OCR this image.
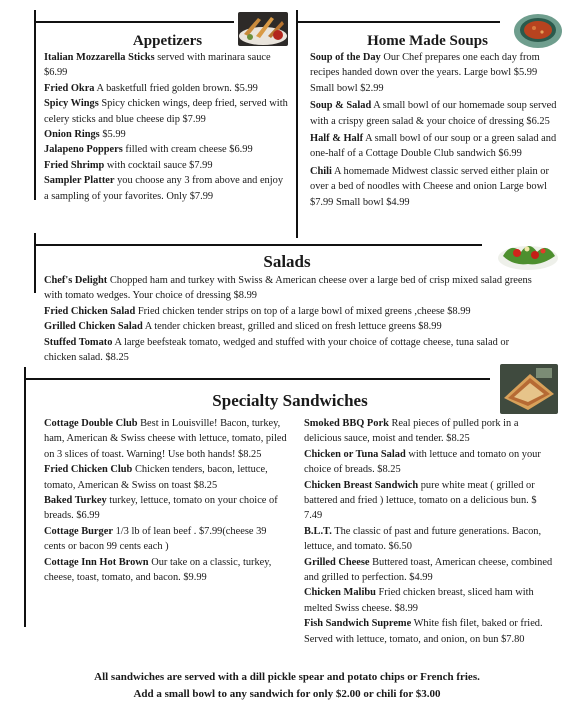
Appetizers

Italian Mozzarella Sticks served with marinara sauce $6.99

Fried Okra A basketfull fried golden brown. $5.99

Spicy Wings Spicy chicken wings, deep fried, served with celery sticks and blue cheese dip $7.99

Onion Rings $5.99

Jalapeno Poppers filled with cream cheese $6.99

Fried Shrimp with cocktail sauce $7.99

Sampler Platter you choose any 3 from above and enjoy a sampling of your favorites. Only $7.99

Home Made Soups

Soup of the Day Our Chef prepares one each day from recipes handed down over the years. Large bowl $5.99 Small bowl $2.99

Soup & Salad A small bowl of our homemade soup served with a crispy green salad & your choice of dressing $6.25

Half & Half A small bowl of our soup or a green salad and one-half of a Cottage Double Club sandwich $6.99

Chili A homemade Midwest classic served either plain or over a bed of noodles with Cheese and onion Large bowl $7.99 Small bowl $4.99

Salads

Chef's Delight Chopped ham and turkey with Swiss & American cheese over a large bed of crisp mixed salad greens with tomato wedges. Your choice of dressing $8.99

Fried Chicken Salad Fried chicken tender strips on top of a large bowl of mixed greens ,cheese $8.99

Grilled Chicken Salad A tender chicken breast, grilled and sliced on fresh lettuce greens $8.99

Stuffed Tomato A large beefsteak tomato, wedged and stuffed with your choice of cottage cheese, tuna salad or chicken salad. $8.25

Specialty Sandwiches

Cottage Double Club Best in Louisville! Bacon, turkey, ham, American & Swiss cheese with lettuce, tomato, piled on 3 slices of toast. Warning! Use both hands! $8.25

Fried Chicken Club Chicken tenders, bacon, lettuce, tomato, American & Swiss on toast $8.25

Baked Turkey turkey, lettuce, tomato on your choice of breads. $6.99

Cottage Burger 1/3 lb of lean beef . $7.99(cheese 39 cents or bacon 99 cents each )

Cottage Inn Hot Brown Our take on a classic, turkey, cheese, toast, tomato, and bacon. $9.99

Smoked BBQ Pork Real pieces of pulled pork in a delicious sauce, moist and tender. $8.25

Chicken or Tuna Salad with lettuce and tomato on your choice of breads. $8.25

Chicken Breast Sandwich pure white meat ( grilled or battered and fried ) lettuce, tomato on a delicious bun. $ 7.49

B.L.T. The classic of past and future generations. Bacon, lettuce, and tomato. $6.50

Grilled Cheese Buttered toast, American cheese, combined and grilled to perfection. $4.99

Chicken Malibu Fried chicken breast, sliced ham with melted Swiss cheese. $8.99

Fish Sandwich Supreme White fish filet, baked or fried. Served with lettuce, tomato, and onion, on bun $7.80

All sandwiches are served with a dill pickle spear and potato chips or French fries.
Add a small bowl to any sandwich for only $2.00 or chili for $3.00
